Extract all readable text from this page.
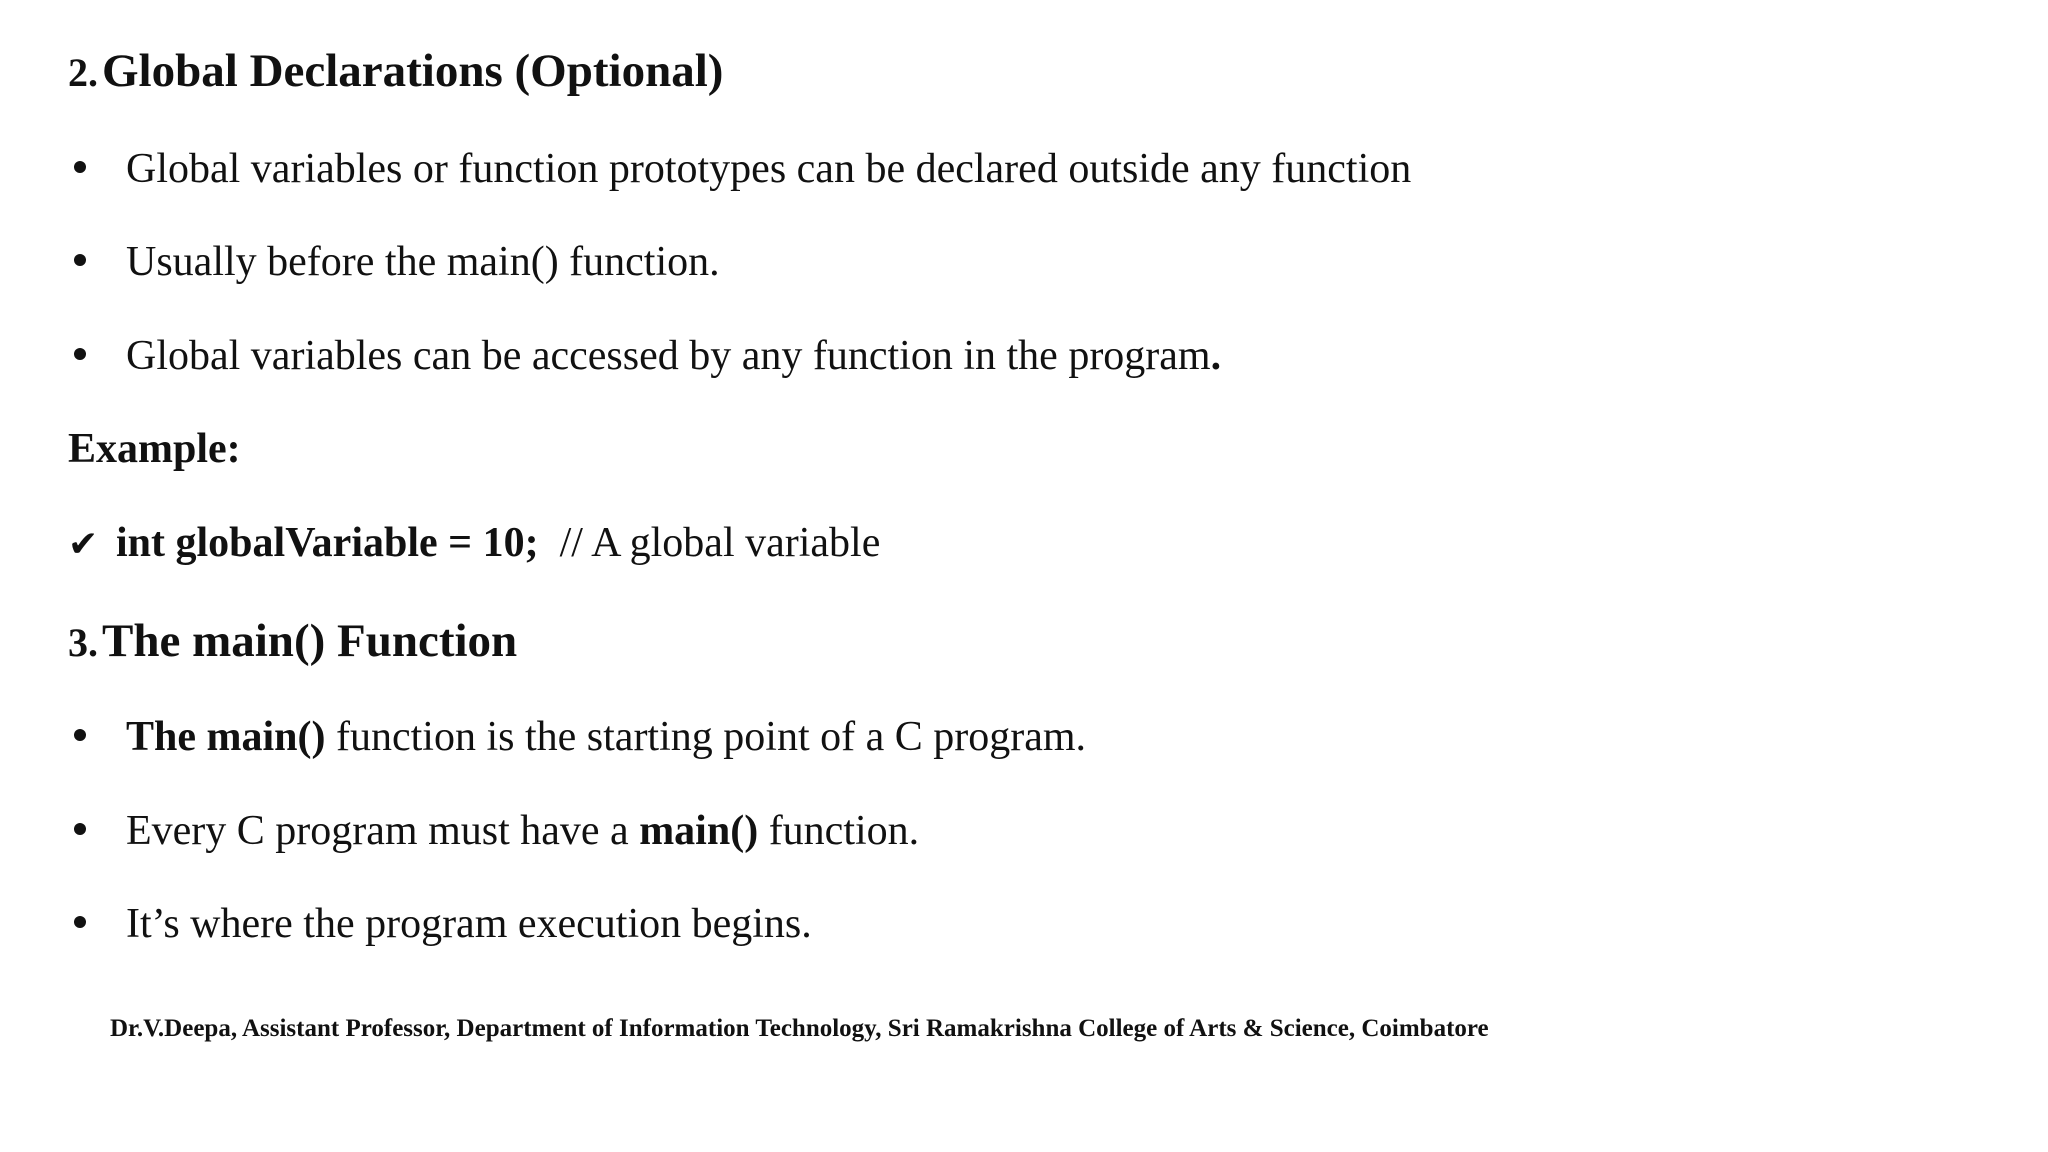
2. Global Declarations (Optional)
Global variables or function prototypes can be declared outside any function
Usually before the main() function.
Global variables can be accessed by any function in the program.
Example:
✔ int globalVariable = 10; // A global variable
3. The main() Function
The main() function is the starting point of a C program.
Every C program must have a main() function.
It’s where the program execution begins.
Dr.V.Deepa, Assistant Professor, Department of Information Technology, Sri Ramakrishna College of Arts & Science, Coimbatore
